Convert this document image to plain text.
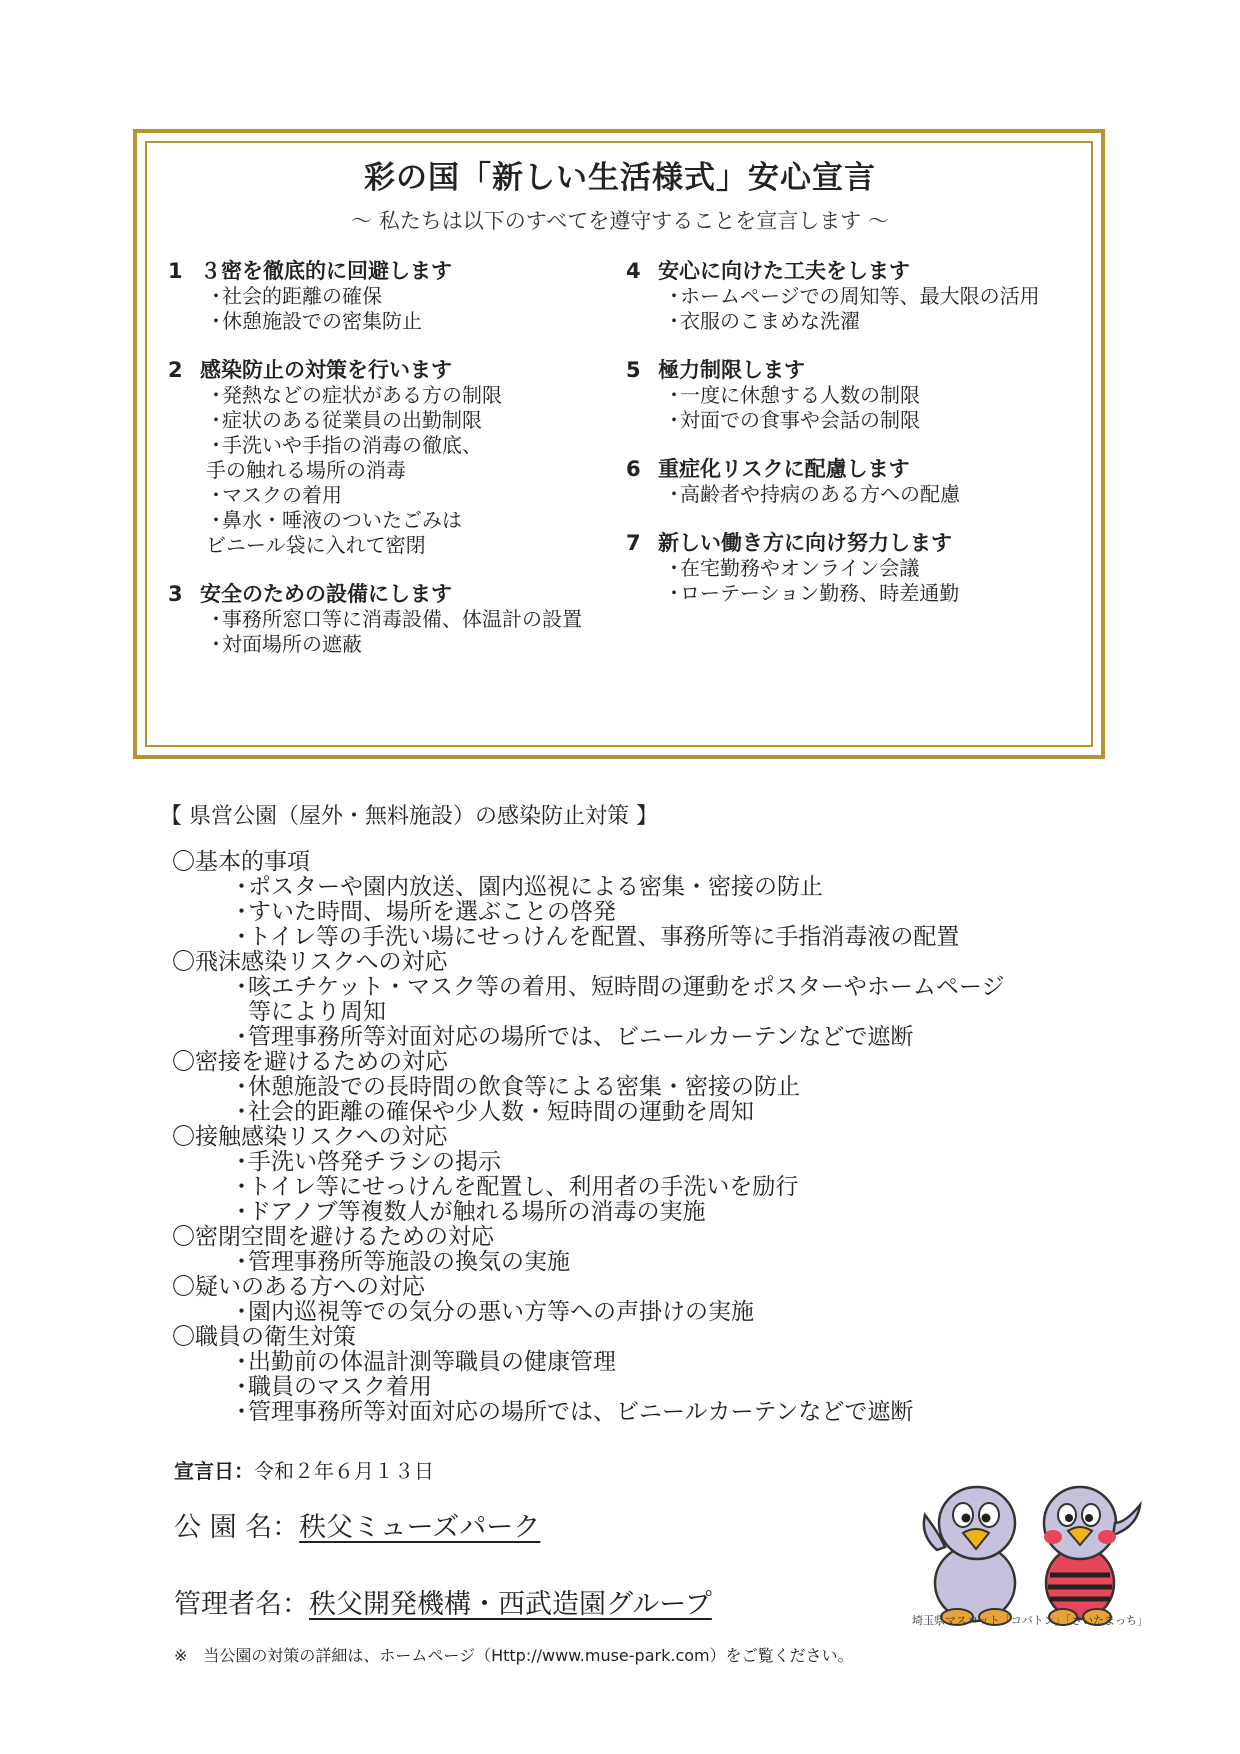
彩の国「新しい生活様式」安心宣言
～ 私たちは以下のすべてを遵守することを宣言します ～
1 ３密を徹底的に回避します
・社会的距離の確保
・休憩施設での密集防止
2 感染防止の対策を行います
・発熱などの症状がある方の制限
・症状のある従業員の出勤制限
・手洗いや手指の消毒の徹底、
手の触れる場所の消毒
・マスクの着用
・鼻水・唾液のついたごみは
ビニール袋に入れて密閉
3 安全のための設備にします
・事務所窓口等に消毒設備、体温計の設置
・対面場所の遮蔽
4 安心に向けた工夫をします
・ホームページでの周知等、最大限の活用
・衣服のこまめな洗濯
5 極力制限します
・一度に休憩する人数の制限
・対面での食事や会話の制限
6 重症化リスクに配慮します
・高齢者や持病のある方への配慮
7 新しい働き方に向け努力します
・在宅勤務やオンライン会議
・ローテーション勤務、時差通勤
【 県営公園（屋外・無料施設）の感染防止対策 】
〇基本的事項
・ポスターや園内放送、園内巡視による密集・密接の防止
・すいた時間、場所を選ぶことの啓発
・トイレ等の手洗い場にせっけんを配置、事務所等に手指消毒液の配置
〇飛沫感染リスクへの対応
・咳エチケット・マスク等の着用、短時間の運動をポスターやホームページ
等により周知
・管理事務所等対面対応の場所では、ビニールカーテンなどで遮断
〇密接を避けるための対応
・休憩施設での長時間の飲食等による密集・密接の防止
・社会的距離の確保や少人数・短時間の運動を周知
〇接触感染リスクへの対応
・手洗い啓発チラシの掲示
・トイレ等にせっけんを配置し、利用者の手洗いを励行
・ドアノブ等複数人が触れる場所の消毒の実施
〇密閉空間を避けるための対応
・管理事務所等施設の換気の実施
〇疑いのある方への対応
・園内巡視等での気分の悪い方等への声掛けの実施
〇職員の衛生対策
・出勤前の体温計測等職員の健康管理
・職員のマスク着用
・管理事務所等対面対応の場所では、ビニールカーテンなどで遮断
宣言日：令和２年６月１３日
公 園 名：秩父ミューズパーク
管理者名：秩父開発機構・西武造園グループ
※　当公園の対策の詳細は、ホームページ（Http://www.muse-park.com）をご覧ください。
埼玉県マスコット「コバトン」「さいたまっち」
